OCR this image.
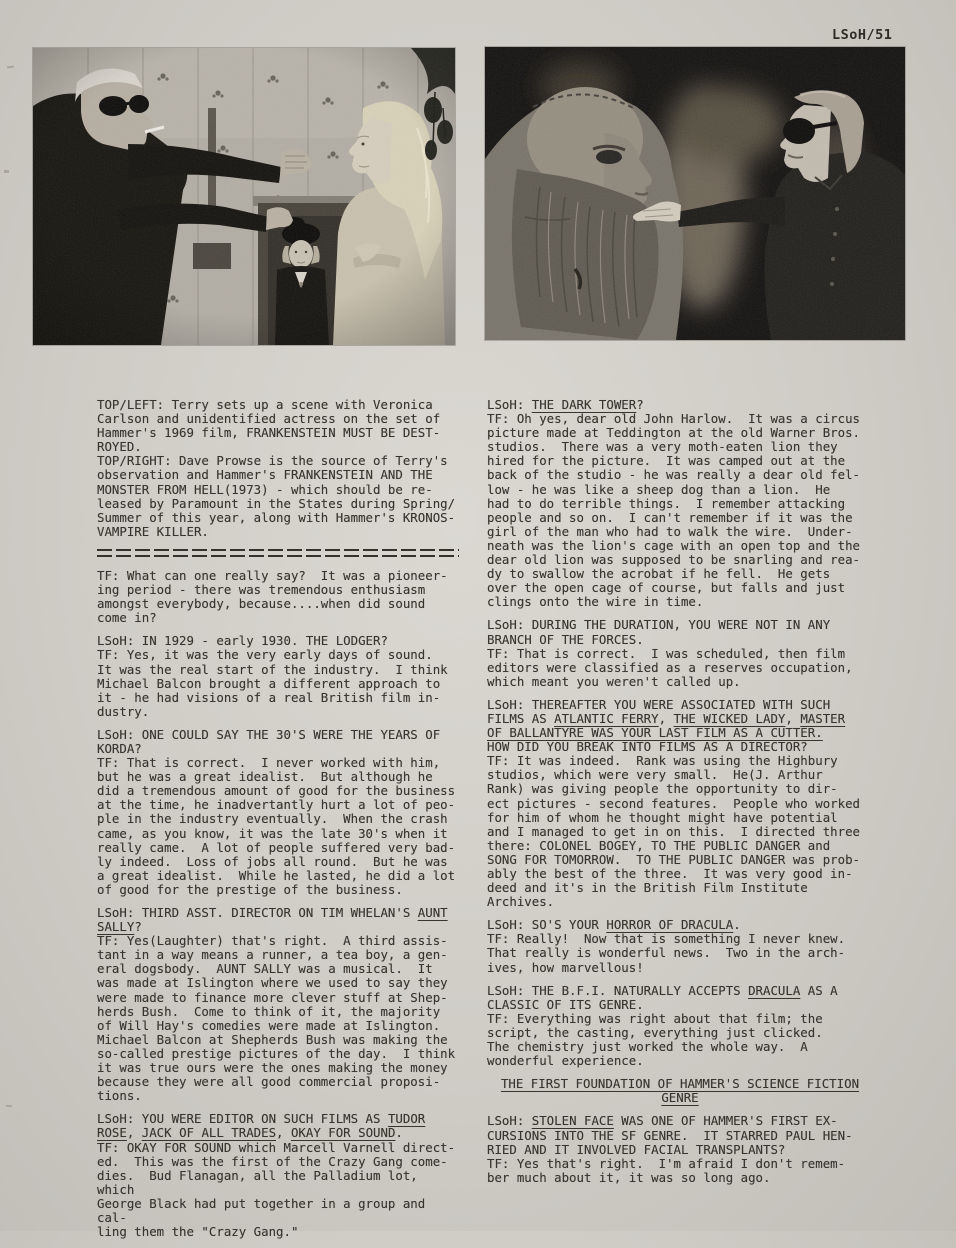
LSoH/51
TOP/LEFT: Terry sets up a scene with Veronica
Carlson and unidentified actress on the set of
Hammer's 1969 film, FRANKENSTEIN MUST BE DEST-
ROYED.
TOP/RIGHT: Dave Prowse is the source of Terry's
observation and Hammer's FRANKENSTEIN AND THE
MONSTER FROM HELL(1973) - which should be re-
leased by Paramount in the States during Spring/
Summer of this year, along with Hammer's KRONOS-
VAMPIRE KILLER.
TF: What can one really say?  It was a pioneer-
ing period - there was tremendous enthusiasm
amongst everybody, because....when did sound
come in?
LSoH: IN 1929 - early 1930. THE LODGER?
TF: Yes, it was the very early days of sound.
It was the real start of the industry.  I think
Michael Balcon brought a different approach to
it - he had visions of a real British film in-
dustry.
LSoH: ONE COULD SAY THE 30'S WERE THE YEARS OF
KORDA?
TF: That is correct.  I never worked with him,
but he was a great idealist.  But although he
did a tremendous amount of good for the business
at the time, he inadvertantly hurt a lot of peo-
ple in the industry eventually.  When the crash
came, as you know, it was the late 30's when it
really came.  A lot of people suffered very bad-
ly indeed.  Loss of jobs all round.  But he was
a great idealist.  While he lasted, he did a lot
of good for the prestige of the business.
LSoH: THIRD ASST. DIRECTOR ON TIM WHELAN'S AUNT
SALLY?
TF: Yes(Laughter) that's right.  A third assis-
tant in a way means a runner, a tea boy, a gen-
eral dogsbody.  AUNT SALLY was a musical.  It
was made at Islington where we used to say they
were made to finance more clever stuff at Shep-
herds Bush.  Come to think of it, the majority
of Will Hay's comedies were made at Islington.
Michael Balcon at Shepherds Bush was making the
so-called prestige pictures of the day.  I think
it was true ours were the ones making the money
because they were all good commercial proposi-
tions.
LSoH: YOU WERE EDITOR ON SUCH FILMS AS TUDOR
ROSE, JACK OF ALL TRADES, OKAY FOR SOUND.
TF: OKAY FOR SOUND which Marcell Varnell direct-
ed.  This was the first of the Crazy Gang come-
dies.  Bud Flanagan, all the Palladium lot, which
George Black had put together in a group and cal-
ling them the "Crazy Gang."
LSoH: THE DARK TOWER?
TF: Oh yes, dear old John Harlow.  It was a circus
picture made at Teddington at the old Warner Bros.
studios.  There was a very moth-eaten lion they
hired for the picture.  It was camped out at the
back of the studio - he was really a dear old fel-
low - he was like a sheep dog than a lion.  He
had to do terrible things.  I remember attacking
people and so on.  I can't remember if it was the
girl of the man who had to walk the wire.  Under-
neath was the lion's cage with an open top and the
dear old lion was supposed to be snarling and rea-
dy to swallow the acrobat if he fell.  He gets
over the open cage of course, but falls and just
clings onto the wire in time.
LSoH: DURING THE DURATION, YOU WERE NOT IN ANY
BRANCH OF THE FORCES.
TF: That is correct.  I was scheduled, then film
editors were classified as a reserves occupation,
which meant you weren't called up.
LSoH: THEREAFTER YOU WERE ASSOCIATED WITH SUCH
FILMS AS ATLANTIC FERRY, THE WICKED LADY, MASTER
OF BALLANTYRE WAS YOUR LAST FILM AS A CUTTER.
HOW DID YOU BREAK INTO FILMS AS A DIRECTOR?
TF: It was indeed.  Rank was using the Highbury
studios, which were very small.  He(J. Arthur
Rank) was giving people the opportunity to dir-
ect pictures - second features.  People who worked
for him of whom he thought might have potential
and I managed to get in on this.  I directed three
there: COLONEL BOGEY, TO THE PUBLIC DANGER and
SONG FOR TOMORROW.  TO THE PUBLIC DANGER was prob-
ably the best of the three.  It was very good in-
deed and it's in the British Film Institute
Archives.
LSoH: SO'S YOUR HORROR OF DRACULA.
TF: Really!  Now that is something I never knew.
That really is wonderful news.  Two in the arch-
ives, how marvellous!
LSoH: THE B.F.I. NATURALLY ACCEPTS DRACULA AS A
CLASSIC OF ITS GENRE.
TF: Everything was right about that film; the
script, the casting, everything just clicked.
The chemistry just worked the whole way.  A
wonderful experience.
THE FIRST FOUNDATION OF HAMMER'S SCIENCE FICTION
GENRE
LSoH: STOLEN FACE WAS ONE OF HAMMER'S FIRST EX-
CURSIONS INTO THE SF GENRE.  IT STARRED PAUL HEN-
RIED AND IT INVOLVED FACIAL TRANSPLANTS?
TF: Yes that's right.  I'm afraid I don't remem-
ber much about it, it was so long ago.
